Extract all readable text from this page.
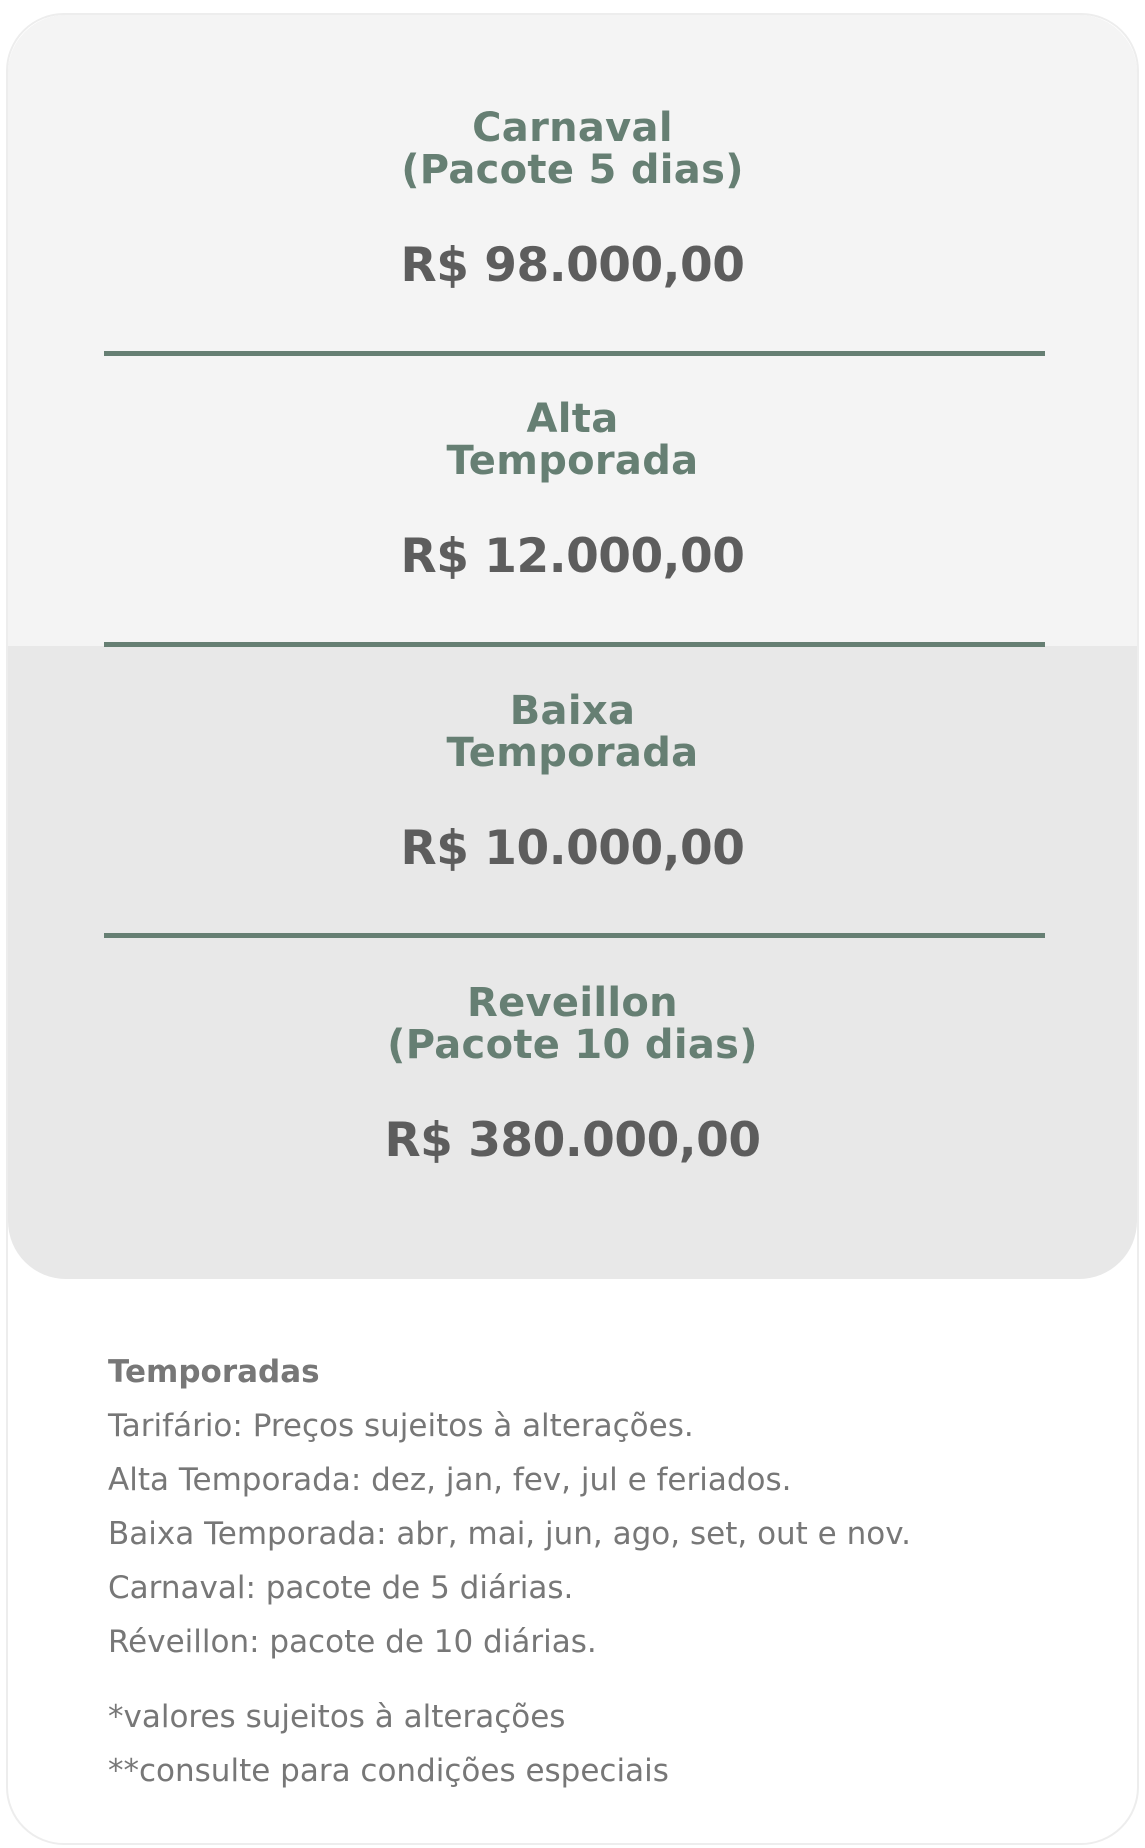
Carnaval
(Pacote 5 dias)
R$ 98.000,00
Alta
Temporada
R$ 12.000,00
Baixa
Temporada
R$ 10.000,00
Reveillon
(Pacote 10 dias)
R$ 380.000,00
Temporadas
Tarifário: Preços sujeitos à alterações.
Alta Temporada: dez, jan, fev, jul e feriados.
Baixa Temporada: abr, mai, jun, ago, set, out e nov.
Carnaval: pacote de 5 diárias.
Réveillon: pacote de 10 diárias.
*valores sujeitos à alterações
**consulte para condições especiais
